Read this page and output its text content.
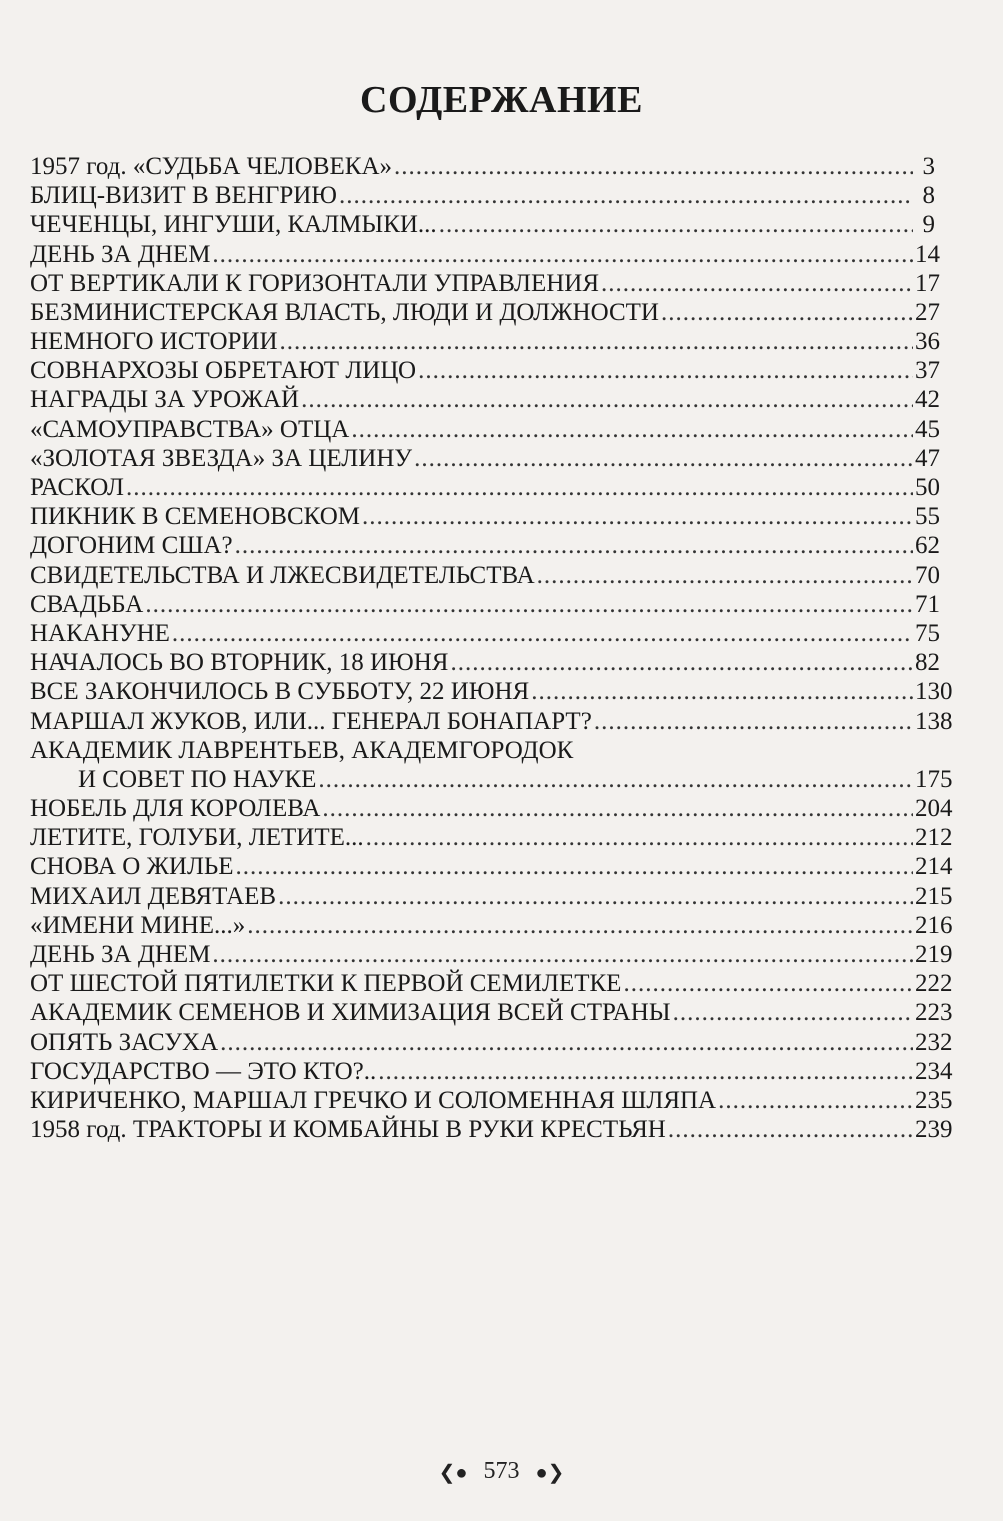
СОДЕРЖАНИЕ
1957 год. «СУДЬБА ЧЕЛОВЕКА» .....	3
БЛИЦ-ВИЗИТ В ВЕНГРИЮ .....	8
ЧЕЧЕНЦЫ, ИНГУШИ, КАЛМЫКИ... .....	9
ДЕНЬ ЗА ДНЕМ .....	14
ОТ ВЕРТИКАЛИ К ГОРИЗОНТАЛИ УПРАВЛЕНИЯ .....	17
БЕЗМИНИСТЕРСКАЯ ВЛАСТЬ, ЛЮДИ И ДОЛЖНОСТИ .....	27
НЕМНОГО ИСТОРИИ .....	36
СОВНАРХОЗЫ ОБРЕТАЮТ ЛИЦО .....	37
НАГРАДЫ ЗА УРОЖАЙ .....	42
«САМОУПРАВСТВА» ОТЦА .....	45
«ЗОЛОТАЯ ЗВЕЗДА» ЗА ЦЕЛИНУ .....	47
РАСКОЛ .....	50
ПИКНИК В СЕМЕНОВСКОМ .....	55
ДОГОНИМ США? .....	62
СВИДЕТЕЛЬСТВА И ЛЖЕСВИДЕТЕЛЬСТВА .....	70
СВАДЬБА .....	71
НАКАНУНЕ .....	75
НАЧАЛОСЬ ВО ВТОРНИК, 18 ИЮНЯ .....	82
ВСЕ ЗАКОНЧИЛОСЬ В СУББОТУ, 22 ИЮНЯ .....	130
МАРШАЛ ЖУКОВ, ИЛИ... ГЕНЕРАЛ БОНАПАРТ? .....	138
АКАДЕМИК ЛАВРЕНТЬЕВ, АКАДЕМГОРОДОК
И СОВЕТ ПО НАУКЕ .....	175
НОБЕЛЬ ДЛЯ КОРОЛЕВА .....	204
ЛЕТИТЕ, ГОЛУБИ, ЛЕТИТЕ... .....	212
СНОВА О ЖИЛЬЕ .....	214
МИХАИЛ ДЕВЯТАЕВ .....	215
«ИМЕНИ МИНЕ...» .....	216
ДЕНЬ ЗА ДНЕМ .....	219
ОТ ШЕСТОЙ ПЯТИЛЕТКИ К ПЕРВОЙ СЕМИЛЕТКЕ .....	222
АКАДЕМИК СЕМЕНОВ И ХИМИЗАЦИЯ ВСЕЙ СТРАНЫ .....	223
ОПЯТЬ ЗАСУХА .....	232
ГОСУДАРСТВО — ЭТО КТО?.. .....	234
КИРИЧЕНКО, МАРШАЛ ГРЕЧКО И СОЛОМЕННАЯ ШЛЯПА .....	235
1958 год. ТРАКТОРЫ И КОМБАЙНЫ В РУКИ КРЕСТЬЯН .....	239
❮● 573 ●❯
